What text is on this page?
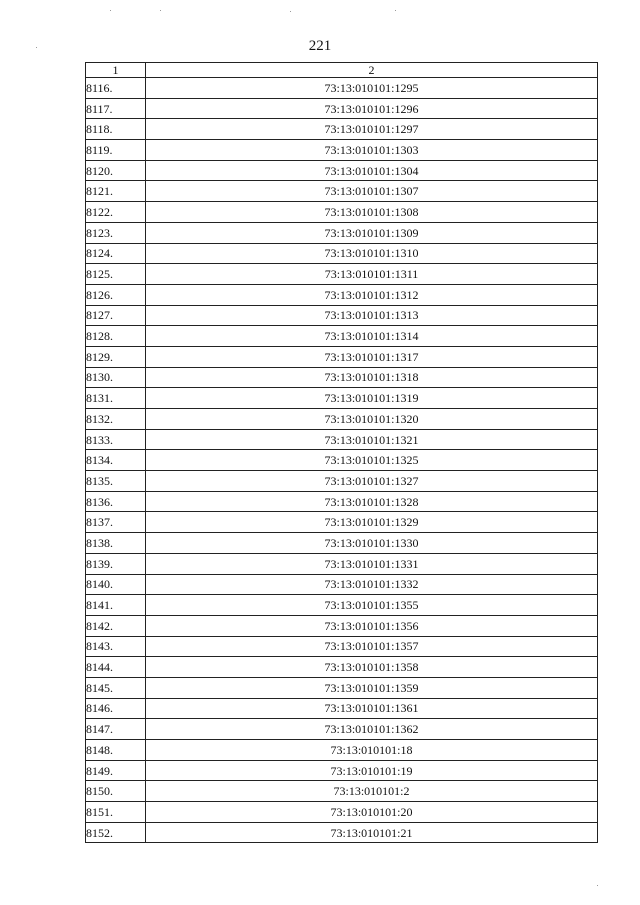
221
1	2
8116.	73:13:010101:1295
8117.	73:13:010101:1296
8118.	73:13:010101:1297
8119.	73:13:010101:1303
8120.	73:13:010101:1304
8121.	73:13:010101:1307
8122.	73:13:010101:1308
8123.	73:13:010101:1309
8124.	73:13:010101:1310
8125.	73:13:010101:1311
8126.	73:13:010101:1312
8127.	73:13:010101:1313
8128.	73:13:010101:1314
8129.	73:13:010101:1317
8130.	73:13:010101:1318
8131.	73:13:010101:1319
8132.	73:13:010101:1320
8133.	73:13:010101:1321
8134.	73:13:010101:1325
8135.	73:13:010101:1327
8136.	73:13:010101:1328
8137.	73:13:010101:1329
8138.	73:13:010101:1330
8139.	73:13:010101:1331
8140.	73:13:010101:1332
8141.	73:13:010101:1355
8142.	73:13:010101:1356
8143.	73:13:010101:1357
8144.	73:13:010101:1358
8145.	73:13:010101:1359
8146.	73:13:010101:1361
8147.	73:13:010101:1362
8148.	73:13:010101:18
8149.	73:13:010101:19
8150.	73:13:010101:2
8151.	73:13:010101:20
8152.	73:13:010101:21
